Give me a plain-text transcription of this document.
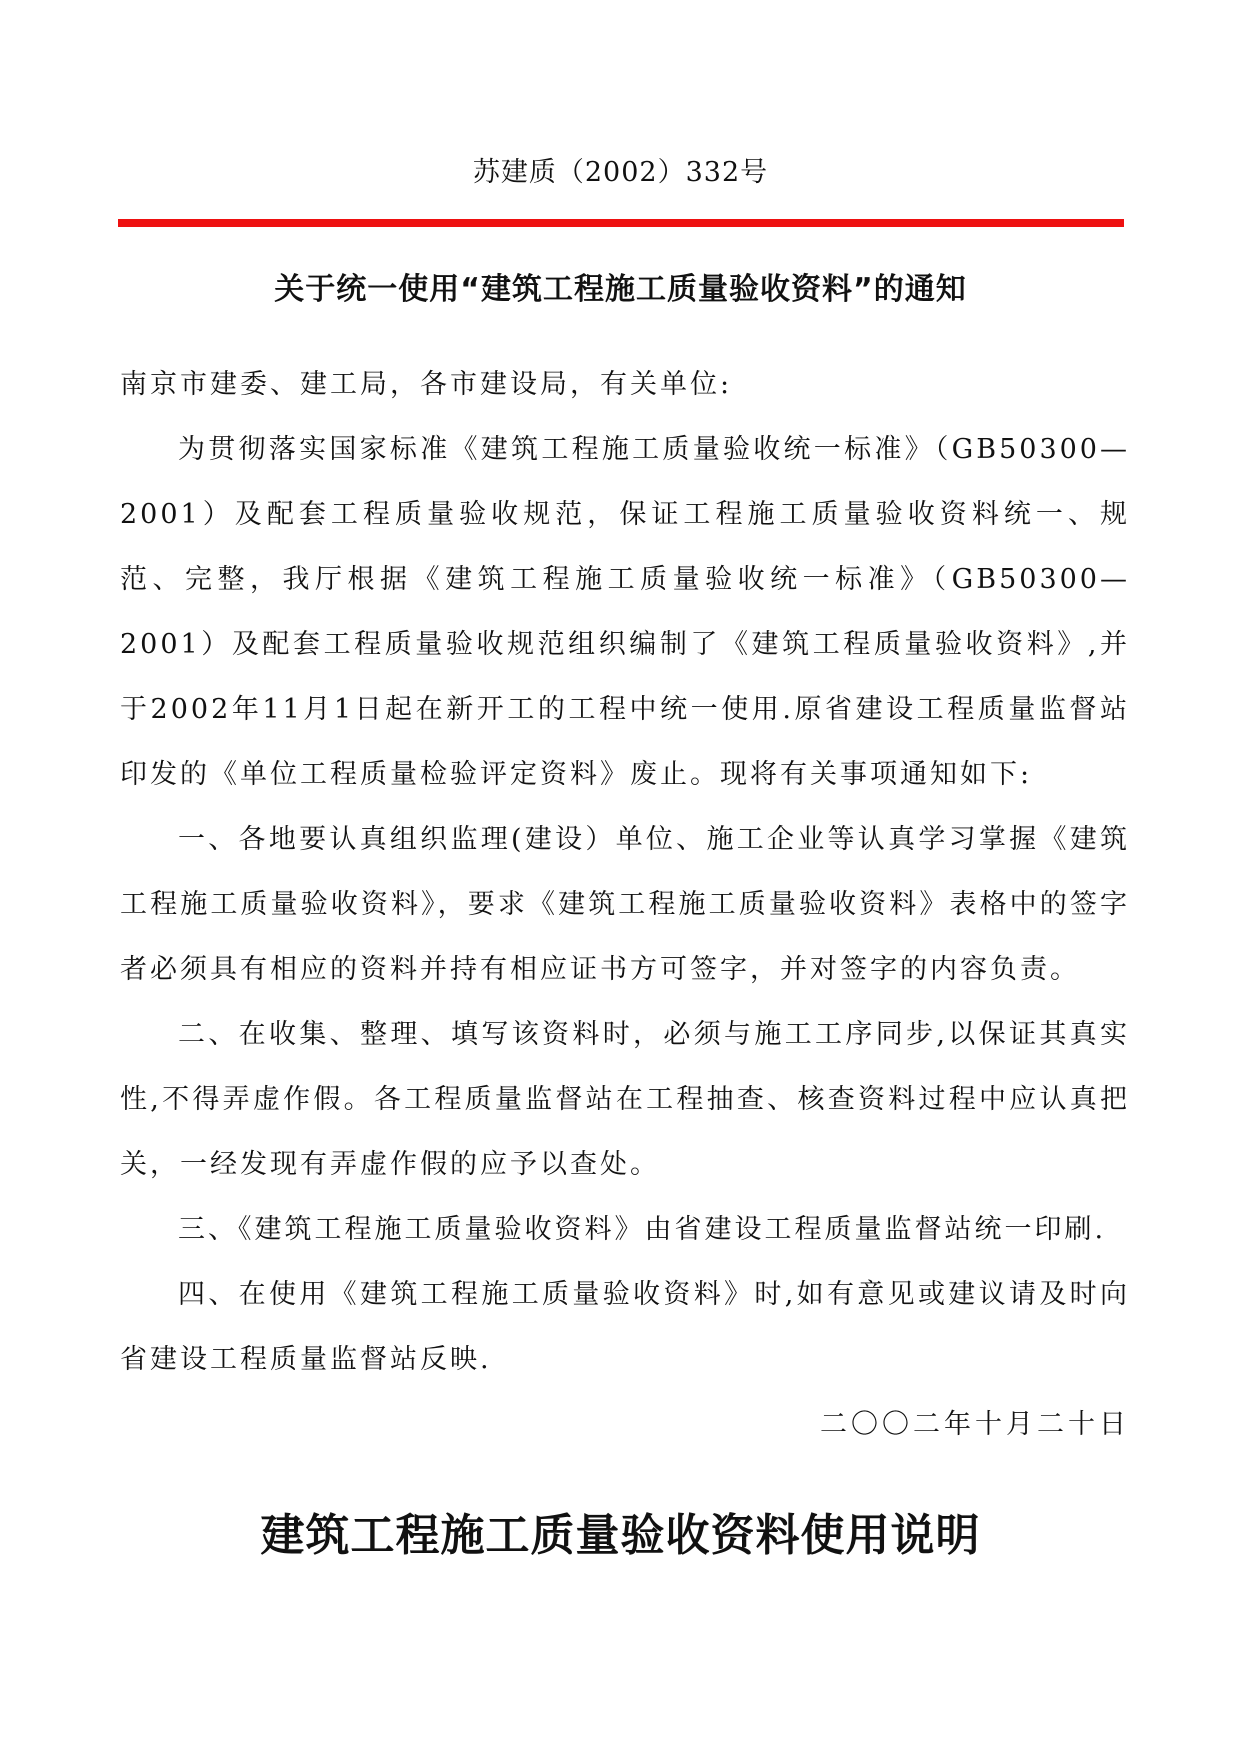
苏建质（2002）332号
关于统一使用“建筑工程施工质量验收资料”的通知

南京市建委、建工局，各市建设局，有关单位:

为贯彻落实国家标准《建筑工程施工质量验收统一标准》（GB50300—2001）及配套工程质量验收规范，保证工程施工质量验收资料统一、规范、完整，我厅根据《建筑工程施工质量验收统一标准》（GB50300—2001）及配套工程质量验收规范组织编制了《建筑工程质量验收资料》,并于2002年11月1日起在新开工的工程中统一使用.原省建设工程质量监督站印发的《单位工程质量检验评定资料》废止。现将有关事项通知如下:

一、各地要认真组织监理(建设）单位、施工企业等认真学习掌握《建筑工程施工质量验收资料》，要求《建筑工程施工质量验收资料》表格中的签字者必须具有相应的资料并持有相应证书方可签字，并对签字的内容负责。

二、在收集、整理、填写该资料时，必须与施工工序同步,以保证其真实性,不得弄虚作假。各工程质量监督站在工程抽查、核查资料过程中应认真把关，一经发现有弄虚作假的应予以查处。

三、《建筑工程施工质量验收资料》由省建设工程质量监督站统一印刷.

四、在使用《建筑工程施工质量验收资料》时,如有意见或建议请及时向省建设工程质量监督站反映.

二〇〇二年十月二十日

建筑工程施工质量验收资料使用说明
